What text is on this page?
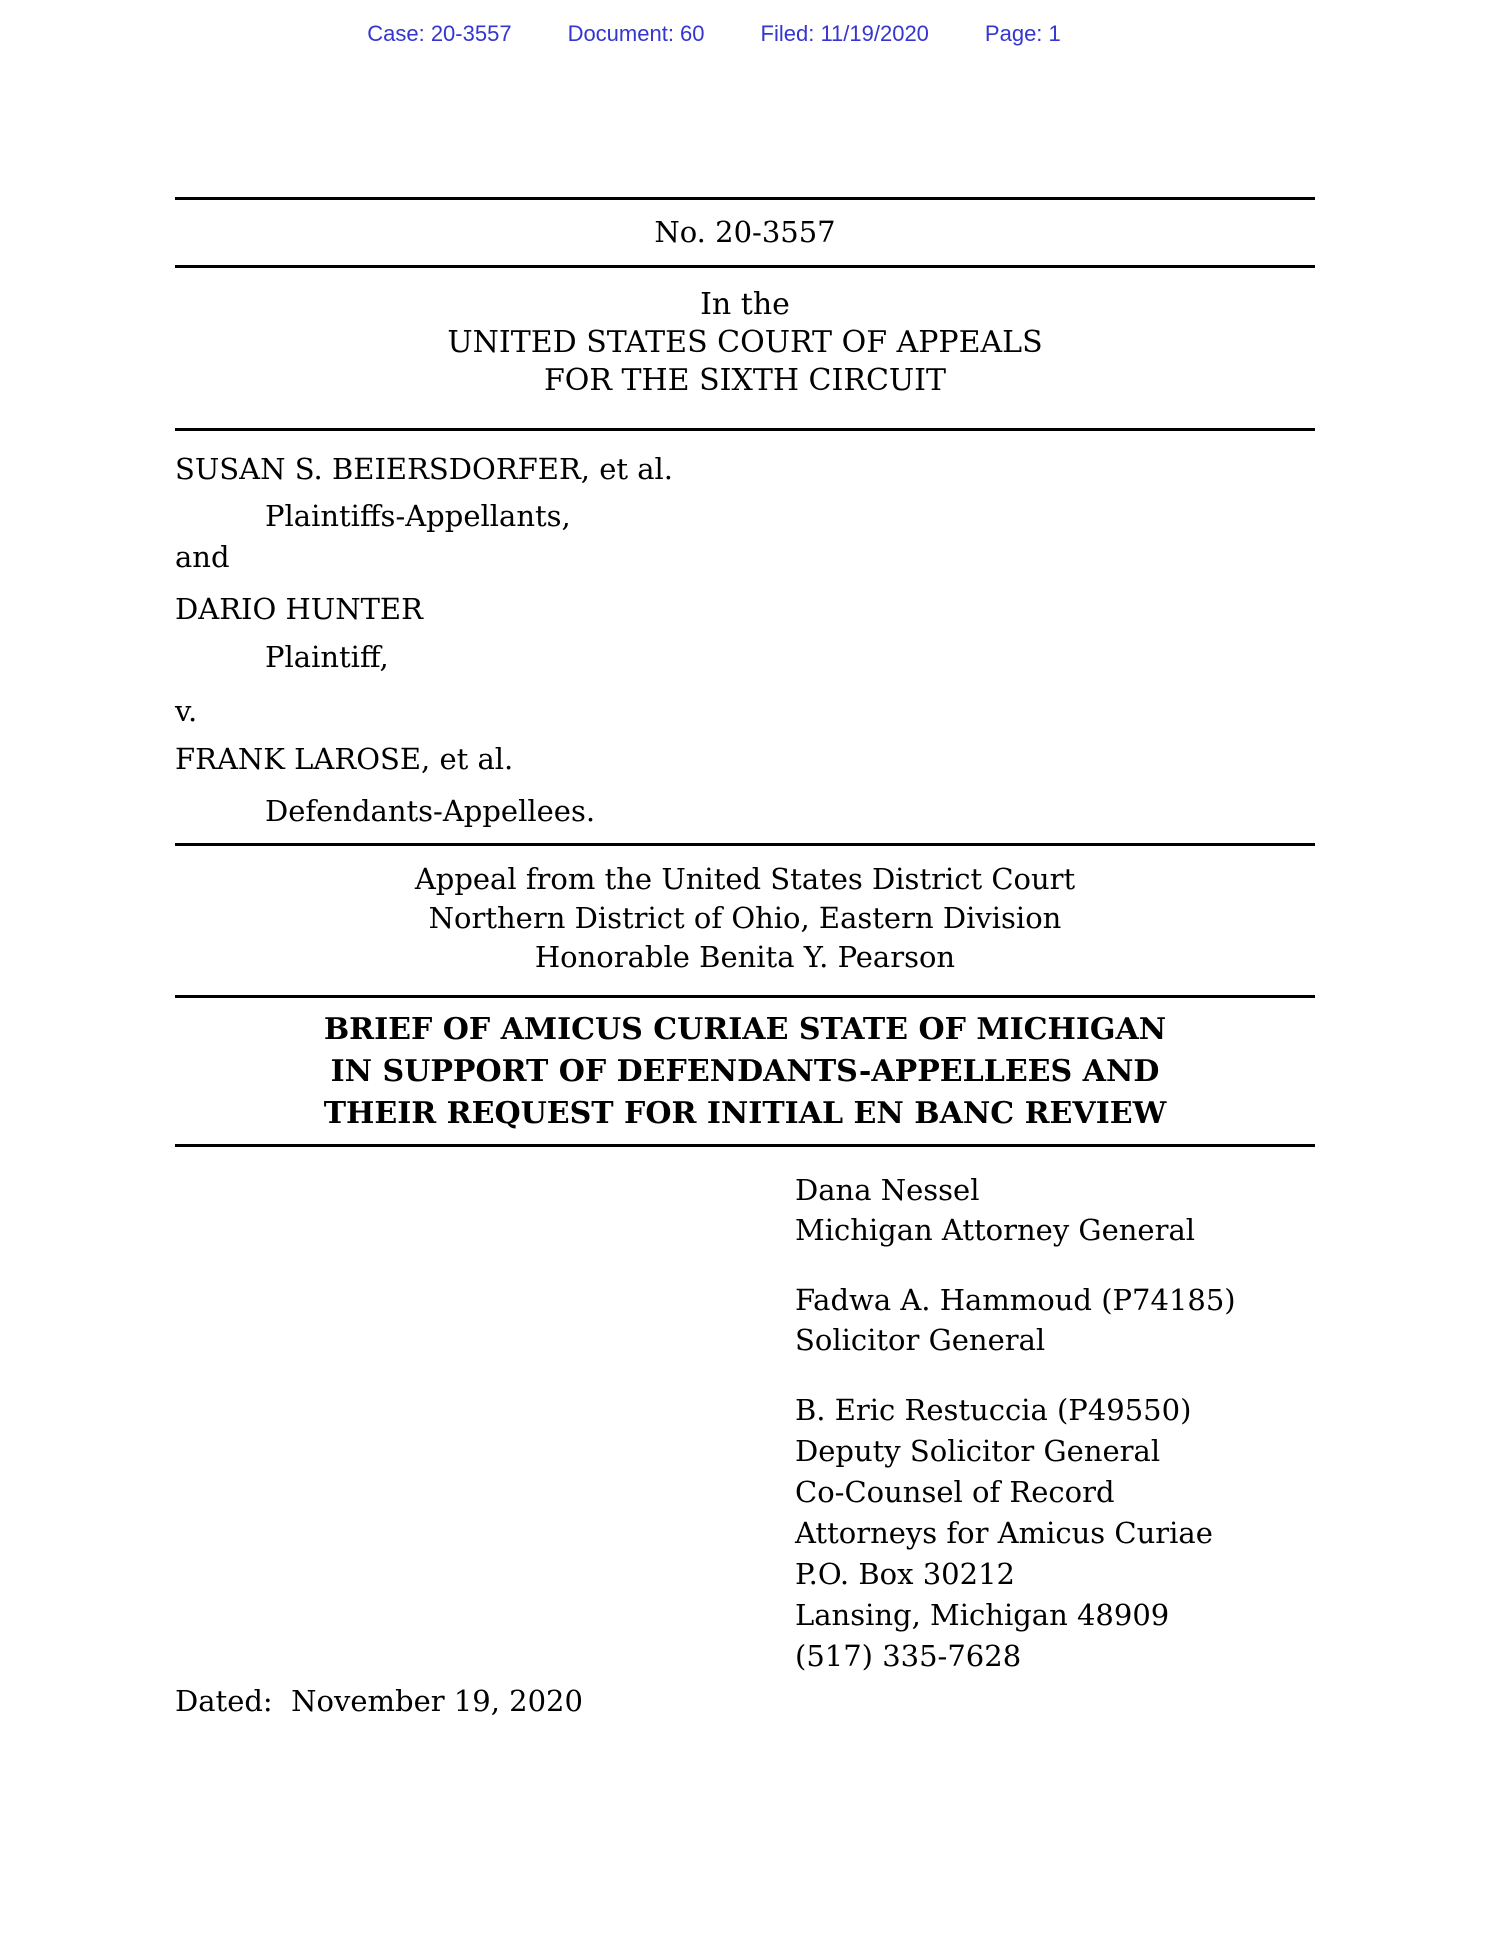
Case: 20-3557	Document: 60	Filed: 11/19/2020	Page: 1
No. 20-3557
In the
UNITED STATES COURT OF APPEALS
FOR THE SIXTH CIRCUIT
SUSAN S. BEIERSDORFER, et al.
Plaintiffs-Appellants,
and
DARIO HUNTER
Plaintiff,
v.
FRANK LAROSE, et al.
Defendants-Appellees.
Appeal from the United States District Court
Northern District of Ohio, Eastern Division
Honorable Benita Y. Pearson
BRIEF OF AMICUS CURIAE STATE OF MICHIGAN
IN SUPPORT OF DEFENDANTS-APPELLEES AND
THEIR REQUEST FOR INITIAL EN BANC REVIEW
Dana Nessel
Michigan Attorney General
Fadwa A. Hammoud (P74185)
Solicitor General
B. Eric Restuccia (P49550)
Deputy Solicitor General
Co-Counsel of Record
Attorneys for Amicus Curiae
P.O. Box 30212
Lansing, Michigan 48909
(517) 335-7628
Dated:  November 19, 2020
